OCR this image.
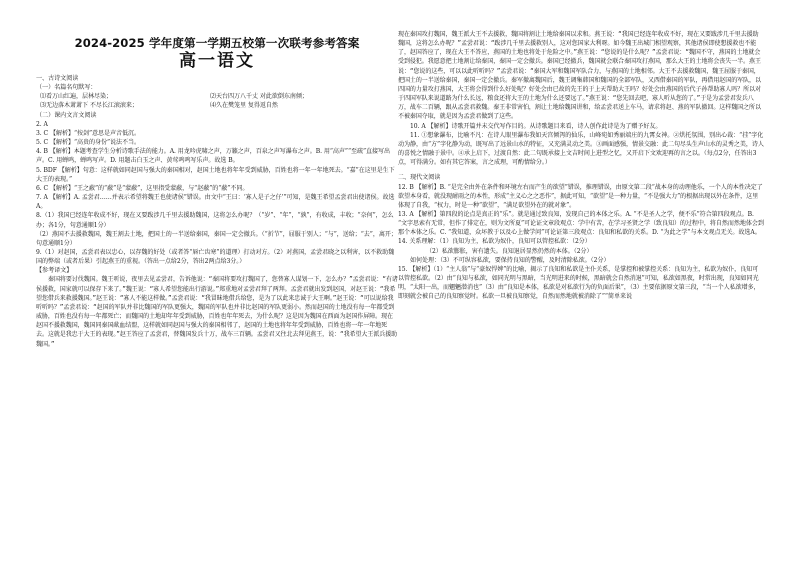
2024-2025 学年度第一学期五校第一次联考参考答案
高一语文

一、古诗文阅读

（一）名篇名句默写：

⑴看万山红遍，层林尽染；	⑵天台四万八千丈 对此欲倒东南倾；
⑶无边落木萧萧下 不尽长江滚滚来；	⑷久在樊笼里 复得返自然

（二）课内文言文阅读

2. A

3. C 【解析】“按剑”意思是声音低沉。

5. C 【解析】“高贵的身份”说法不当。

4. B 【解析】本题考查学生分析诗歌手法的能力。A. 用龙吟虎啸之声，万籁之声，百泉之声写瀑布之声。B. 用“高声”“至疏”直接写出声。C. 用蝉鸣，蝉鸣写声。D. 用题击白玉之声、黄莺鸣鸣写乐声。故选 B。

5. BDF 【解析】句意：这样就如同赵国与强大的秦国相对，赵国土地也将年年受到威胁，百姓也将一年一年地死去。“嘉”在这里是生下大王的表现。”

6. C 【解析】“王之蔽”的“蔽”是“蒙蔽”，这里指受蒙蔽，与“赵蔽”的“蔽”不同。

7. A 【解析】A. 孟尝君……并表示希望将魏王也使诸侯”错误。由文中“王曰：‘寡人是子之仔’”可知，是魏王希望孟尝君出使诸侯。故选A。

8.（1）我国已经连年收成不好，现在又要跋涉几千里去援助魏国，这将怎么办呢？（“岁”、“年”，“孰”，有收成，丰收；“奈何”，怎么办；各1分，句意通顺1分）

（2）燕国不去援救魏国，魏王割去土地，把国土的一半送给秦国，秦国一定会撤兵。（“折节”，屈服于别人；“与”，送给；“去”，离开；句意通顺1分）

9.（1）对赵国，孟尝君表以忠心，以存魏的好处（或者答“唇亡齿寒”的道理）打动对方。（2）对燕国，孟尝君晓之以利害，以不救助魏国的弊端（或者后果）引起燕王的重视。（答出一点给2分，答出2两点给3分。）

【参考译文】

秦国将要讨伐魏国。魏王听说，夜里去见孟尝君，告诉他说：“秦国将要攻打魏国了，您替寡人谋划一下，怎么办？”孟尝君说：“有诸侯援救，国家就可以保存下来了。”魏王说：“寡人希望您能出行游说。”郑重地对孟尝君拜了两拜。孟尝君就出发到赵国，对赵王说：“我希望您借兵来救援魏国。”赵王说：“寡人不能这样做。”孟尝君说：“我冒昧地借兵给您，是为了以此来忠诚于大王啊。”赵王说：“可以说给我听听吗？”孟尝君说：“赵国的军队并非比魏国的军队更强大，魏国的军队也并非比赵国的军队更弱小。然而赵国的土地没有每一年都受到威胁，百姓也没有每一年都死亡；而魏国的土地却年年受到威胁，百姓也年年死去，为什么呢？这是因为魏国在西面为赵国作屏障。现在赵国不援救魏国，魏国同秦国歃血结盟，这样就如同赵国与强大的秦国相邻了，赵国的土地也将年年受到威胁，百姓也将一年一年地死去。这就是我忠于大王的表现。”赵王答应了孟尝君，替魏国发兵十万，战车三百辆。孟尝君又往北去拜见燕王，说：“我希望大王派兵援助魏国。”

现在秦国攻打魏国，魏王派大王不去援救，魏国将割让土地给秦国以求和。燕王说：“我国已经连年收成不好，现在又要跋涉几千里去援助魏国，这将怎么办呢？”孟尝君说：“跋涉几千里去援救别人，这对您国家大利呀。如今魏王出城门相望观察，其他诸侯即使想援救也不能了，赵国答应了，现在大王不答应，燕国的土地也将处于危险之中。”燕王说：“您说的是什么呢？”孟尝君说：“魏国不守，燕国的土地就会受到侵犯。我愿意把土地割让给秦国，秦国一定会撤兵。秦国已经撤兵，魏国就会联合秦国攻打燕国，那么大王的土地将会丧失一半。燕王说：“您说的这些，可以以此听听吗？”孟尝君说：“秦国大军和魏国军队合力，与燕国的土地相邻。大王不去援救魏国，魏王屈服于秦国，把国土的一半送给秦国，秦国一定会撤兵。秦军撤离魏国后，魏王调集韩国和魏国的全部军队，又西借秦国的军队，再借用赵国的军队，以四国的力量攻打燕国，大王将会得到什么好处呢？好处会由已故的先王的于上天帮助大王吗？好处会由燕国的后代子孙帮助寡人吗？所以对于四国军队来说道路为什么长远，粮食还将大王的土地为什么还要远了。”燕王说：“您先回去吧，寡人听从您的了。”于是为孟尝君发兵八万，战车二百辆，跟从孟尝君救魏。秦王非常害怕，割让土地给魏国讲和，给孟尝君送上车马，请求将赵、燕的军队撤回。这样魏国之所以不被秦国夺取，就是因为孟尝君做到了这些。

10. A 【解析】诗歌开篇并未交代写作目的。从诗歌题目来看，诗人创作此诗是为了赠予好友。

11. ①想象瀑布，比喻不凡：在诗人眼里瀑布我如天宫倾泻的仙乐，山峰宛如秀丽端庄的九霄女神。②烘托氛围，别出心裁：“挂”字化动为静，由“方”字化静为动，既写出了远景山水的特征，又充满灵动之美。③画面感强，情景交融：此二句尽头生声山水的灵秀之美，诗人的喜悦之情融于景中。④承上启下，过渡自然：此二句既承接上文吉时间上进型之忆，又开启下文欢迎再的言之以。（每点2分，任答出3点，可得满分。如有其它答案，言之成理，可酌情给分。）

二、现代文阅读

12. B 【解析】B. “是完全由外在条件和环境左右而产生的欲望”错误，推理错误，由原文第二段“战本身的动理他乐，一个人的本性决定了欲望本身看，就没现耐雨之的本性，形成“主义心之之恶作”，据此可知，“欲望”是一种力量，“不是强大力”的根据出现以外在条件，这里体现了自我，“权力，时是一种“欲望”，“满足欲望外在的就对象”。

13. A 【解析】第四段的论点是真正的“乐”。就是通过致良知，发现自己的本体之乐。A. “不是圣人之学，便不乐”符合第四段观点。B. “文字思索有无常，但作了排定在，则为文所夏”可论证文章段观点：学中有苦，在学习圣贤之学（致良知）的过程中，将自然而然地体会到那个本体之乐。C. “我知道，众坏教于以及心上做学问”可论证第三段观点：良知和私欲的关系。D. “为此之学”与本文观点无关。故选A。

14. 关系理解：（1）良知为主，私欲为奴仆，良知可以管控私欲：（2分）

（2）私欲膨胀，害有遗失。良知退居显然仍然的本体。（2分）

如何处理：（3）不可纵容私欲，要保持良知的警醒，及时清除私欲。（2分）

15. 【解析】（1）“主人翁”与“豪奴悍婢”的比喻，揭示了良知和私欲是主仆关系，是掌控和被掌控关系：良知为主，私欲为奴仆，良知可以管控私欲。（2）由“良知与私欲，如同光明与黑暗，当光明进来的时候，黑暗就会自然消退”可知，私欲如黑夜，时常出现，良知如同光明，“太阳一出，而魍魉潜消也”（3）由“良知是本体，私欲是对私欲行为的负面后果”，（3）主要依据原文第三段，“当一个人私欲增多，即刻就会被自己的良知察觉时。私欲一旦被良知察觉，自然而然地就被消除了”“简单来说
